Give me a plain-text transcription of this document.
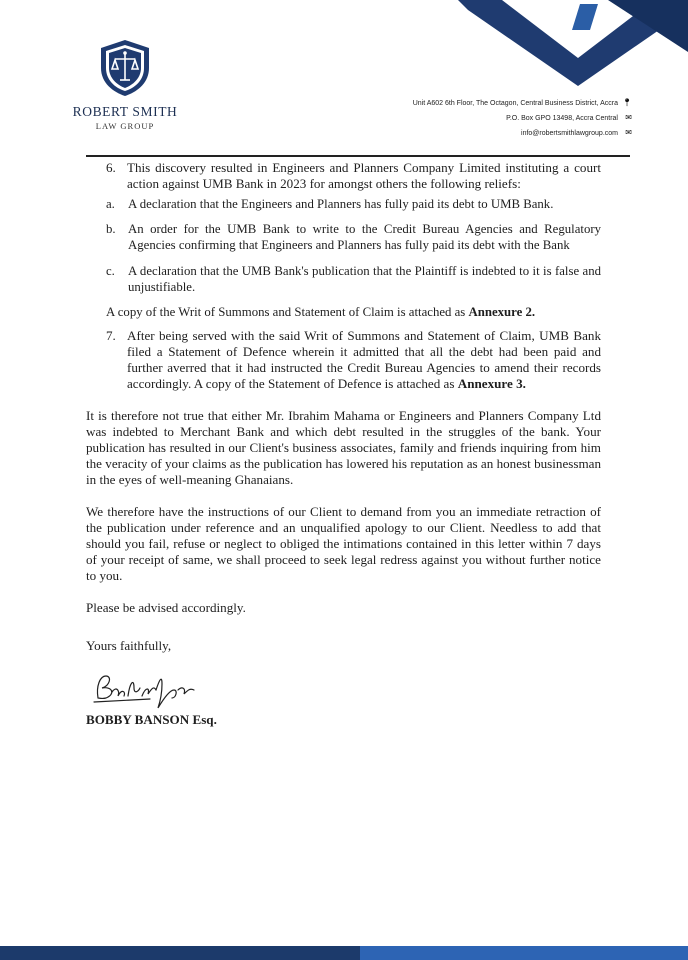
ROBERT SMITH
LAW GROUP
Unit A602 6th Floor, The Octagon, Central Business District, Accra 📍︎
P.O. Box GPO 13498, Accra Central ✉
info@robertsmithlawgroup.com ✉
6. This discovery resulted in Engineers and Planners Company Limited instituting a court action against UMB Bank in 2023 for amongst others the following reliefs:
a.	A declaration that the Engineers and Planners has fully paid its debt to UMB Bank.
b. An order for the UMB Bank to write to the Credit Bureau Agencies and Regulatory Agencies confirming that Engineers and Planners has fully paid its debt with the Bank
c.	A declaration that the UMB Bank's publication that the Plaintiff is indebted to it is false and unjustifiable.

A copy of the Writ of Summons and Statement of Claim is attached as Annexure 2.

7. After being served with the said Writ of Summons and Statement of Claim, UMB Bank filed a Statement of Defence wherein it admitted that all the debt had been paid and further averred that it had instructed the Credit Bureau Agencies to amend their records accordingly. A copy of the Statement of Defence is attached as Annexure 3.

It is therefore not true that either Mr. Ibrahim Mahama or Engineers and Planners Company Ltd was indebted to Merchant Bank and which debt resulted in the struggles of the bank. Your publication has resulted in our Client's business associates, family and friends inquiring from him the veracity of your claims as the publication has lowered his reputation as an honest businessman in the eyes of well-meaning Ghanaians.

We therefore have the instructions of our Client to demand from you an immediate retraction of the publication under reference and an unqualified apology to our Client. Needless to add that should you fail, refuse or neglect to obliged the intimations contained in this letter within 7 days of your receipt of same, we shall proceed to seek legal redress against you without further notice to you.

Please be advised accordingly.

Yours faithfully,

BOBBY BANSON Esq.
